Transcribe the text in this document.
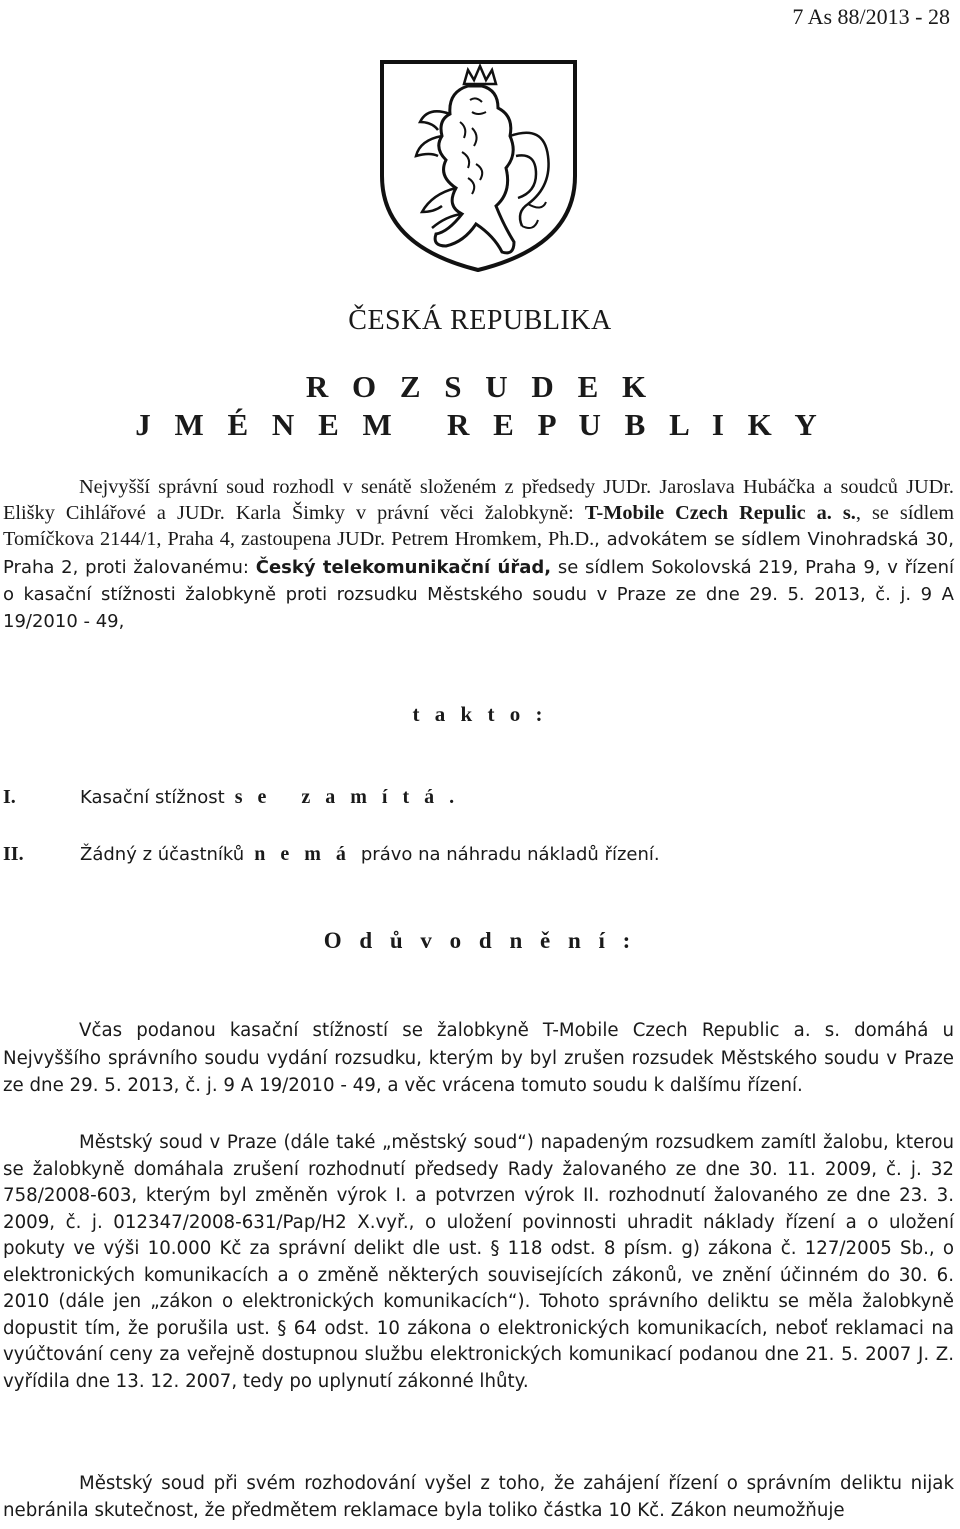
7 As 88/2013 - 28
ČESKÁ REPUBLIKA
R O Z S U D E K
J M É N E M   R E P U B L I K Y

Nejvyšší správní soud rozhodl v senátě složeném z předsedy JUDr. Jaroslava Hubáčka a soudců JUDr. Elišky Cihlářové a JUDr. Karla Šimky v právní věci žalobkyně: T-Mobile Czech Repulic a. s., se sídlem Tomíčkova 2144/1, Praha 4, zastoupena JUDr. Petrem Hromkem, Ph.D., advokátem se sídlem Vinohradská 30, Praha 2, proti žalovanému: Český telekomunikační úřad, se sídlem Sokolovská 219, Praha 9, v řízení o kasační stížnosti žalobkyně proti rozsudku Městského soudu v Praze ze dne 29. 5. 2013, č. j. 9 A 19/2010 - 49,

t a k t o :
I.	Kasační stížnost s e   z a m í t á .
II.	Žádný z účastníků n e m á právo na náhradu nákladů řízení.
O d ů v o d n ě n í :

Včas podanou kasační stížností se žalobkyně T-Mobile Czech Republic a. s. domáhá u Nejvyššího správního soudu vydání rozsudku, kterým by byl zrušen rozsudek Městského soudu v Praze ze dne 29. 5. 2013, č. j. 9 A 19/2010 - 49, a věc vrácena tomuto soudu k dalšímu řízení.

Městský soud v Praze (dále také „městský soud“) napadeným rozsudkem zamítl žalobu, kterou se žalobkyně domáhala zrušení rozhodnutí předsedy Rady žalovaného ze dne 30. 11. 2009, č. j. 32 758/2008-603, kterým byl změněn výrok I. a potvrzen výrok II. rozhodnutí žalovaného ze dne 23. 3. 2009, č. j. 012347/2008-631/Pap/H2 X.vyř., o uložení povinnosti uhradit náklady řízení a o uložení pokuty ve výši 10.000 Kč za správní delikt dle ust. § 118 odst. 8 písm. g) zákona č. 127/2005 Sb., o elektronických komunikacích a o změně některých souvisejících zákonů, ve znění účinném do 30. 6. 2010 (dále jen „zákon o elektronických komunikacích“). Tohoto správního deliktu se měla žalobkyně dopustit tím, že porušila ust. § 64 odst. 10 zákona o elektronických komunikacích, neboť reklamaci na vyúčtování ceny za veřejně dostupnou službu elektronických komunikací podanou dne 21. 5. 2007 J. Z. vyřídila dne 13. 12. 2007, tedy po uplynutí zákonné lhůty.

Městský soud při svém rozhodování vyšel z toho, že zahájení řízení o správním deliktu nijak nebránila skutečnost, že předmětem reklamace byla toliko částka 10 Kč. Zákon neumožňuje
